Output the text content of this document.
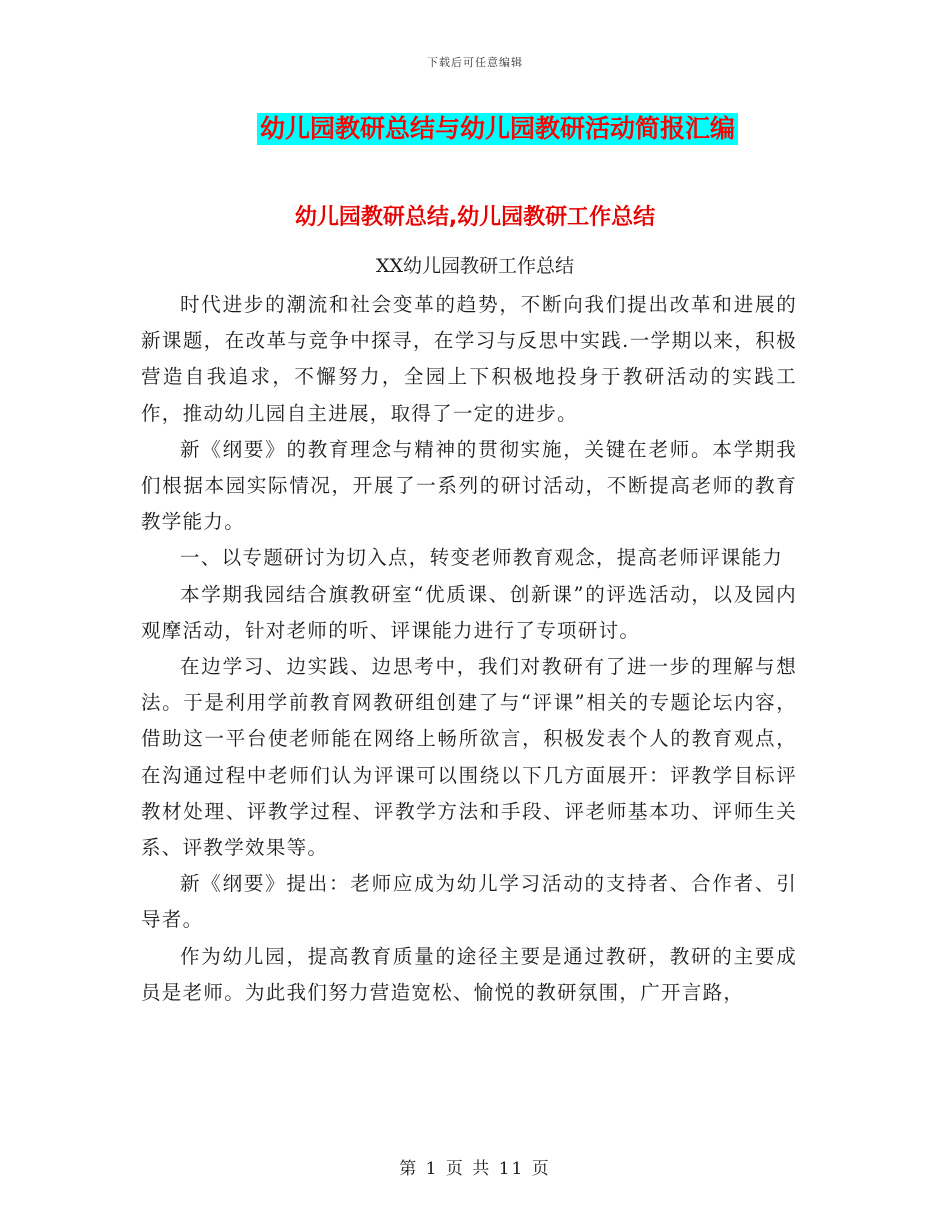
下载后可任意编辑
幼儿园教研总结与幼儿园教研活动简报汇编
幼儿园教研总结,幼儿园教研工作总结
XX幼儿园教研工作总结

时代进步的潮流和社会变革的趋势，不断向我们提出改革和进展的新课题，在改革与竞争中探寻，在学习与反思中实践.一学期以来，积极营造自我追求，不懈努力，全园上下积极地投身于教研活动的实践工作，推动幼儿园自主进展，取得了一定的进步。

新《纲要》的教育理念与精神的贯彻实施，关键在老师。本学期我们根据本园实际情况，开展了一系列的研讨活动，不断提高老师的教育教学能力。

一、以专题研讨为切入点，转变老师教育观念，提高老师评课能力

本学期我园结合旗教研室“优质课、创新课”的评选活动，以及园内观摩活动，针对老师的听、评课能力进行了专项研讨。

在边学习、边实践、边思考中，我们对教研有了进一步的理解与想法。于是利用学前教育网教研组创建了与“评课”相关的专题论坛内容，借助这一平台使老师能在网络上畅所欲言，积极发表个人的教育观点，在沟通过程中老师们认为评课可以围绕以下几方面展开：评教学目标评教材处理、评教学过程、评教学方法和手段、评老师基本功、评师生关系、评教学效果等。

新《纲要》提出：老师应成为幼儿学习活动的支持者、合作者、引导者。

作为幼儿园，提高教育质量的途径主要是通过教研，教研的主要成员是老师。为此我们努力营造宽松、愉悦的教研氛围，广开言路，

第 1 页 共 11 页
